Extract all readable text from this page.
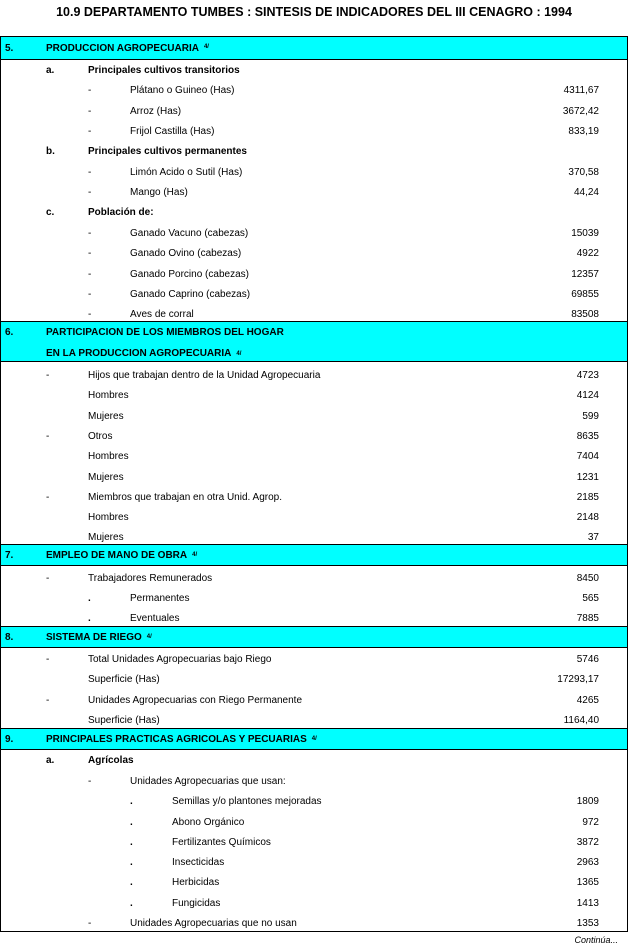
10.9 DEPARTAMENTO TUMBES : SINTESIS DE INDICADORES DEL III CENAGRO : 1994
5.	PRODUCCION AGROPECUARIA 4/
a.	Principales cultivos transitorios
-	Plátano o Guineo (Has)	4311,67
-	Arroz (Has)	3672,42
-	Frijol Castilla (Has)	833,19
b.	Principales cultivos permanentes
-	Limón Acido o Sutil (Has)	370,58
-	Mango (Has)	44,24
c.	Población de:
-	Ganado Vacuno (cabezas)	15039
-	Ganado Ovino (cabezas)	4922
-	Ganado Porcino (cabezas)	12357
-	Ganado Caprino (cabezas)	69855
-	Aves de corral	83508
6.	PARTICIPACION DE LOS MIEMBROS DEL HOGAR
EN LA PRODUCCION AGROPECUARIA 4/
-	Hijos que trabajan dentro de la Unidad Agropecuaria	4723
Hombres	4124
Mujeres	599
-	Otros	8635
Hombres	7404
Mujeres	1231
-	Miembros que trabajan en otra Unid. Agrop.	2185
Hombres	2148
Mujeres	37
7.	EMPLEO DE MANO DE OBRA 4/
-	Trabajadores Remunerados	8450
.	Permanentes	565
.	Eventuales	7885
8.	SISTEMA DE RIEGO 4/
-	Total Unidades Agropecuarias bajo Riego	5746
Superficie (Has)	17293,17
-	Unidades Agropecuarias con Riego Permanente	4265
Superficie (Has)	1164,40
9.	PRINCIPALES PRACTICAS AGRICOLAS Y PECUARIAS 4/
a.	Agrícolas
-	Unidades Agropecuarias que usan:
.	Semillas y/o plantones mejoradas	1809
.	Abono Orgánico	972
.	Fertilizantes Químicos	3872
.	Insecticidas	2963
.	Herbicidas	1365
.	Fungicidas	1413
-	Unidades Agropecuarias que no usan	1353
Continúa...
